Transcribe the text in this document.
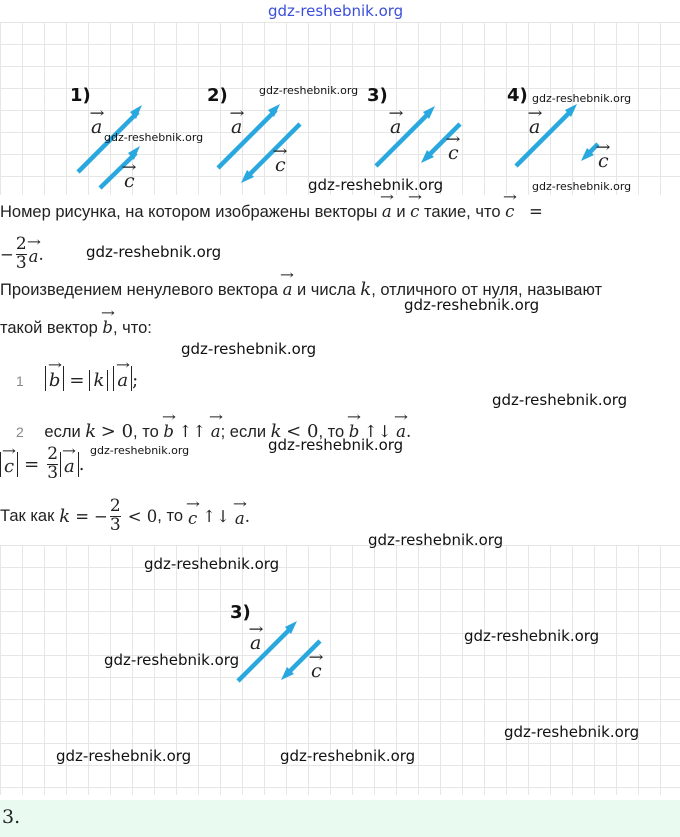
gdz-reshebnik.org
1)
→ a
→ c
gdz-reshebnik.org
2)
→ a
→ c
gdz-reshebnik.org 3)
→ a
→ c
4)
→ a
→ c
gdz-reshebnik.org
gdz-reshebnik.org
gdz-reshebnik.org
Номер рисунка, на котором изображены векторы → a и → c такие, что → c =
− $\frac{2}{3}$
→ a .	gdz-reshebnik.org
Произведением ненулевого вектора → a и числа k, отличного от нуля, называют
gdz-reshebnik.org
такой вектор → b, что:
gdz-reshebnik.org
1 → b = k → a ;
gdz-reshebnik.org
2 если k > 0, то → b ↑↑ → a; если k < 0, то → b ↑↓ → a.
gdz-reshebnik.org
gdz-reshebnik.org
→ $c = \frac{2}{3}$
→ a .
Так как k = − $\frac{2}{3} < 0$ , то
→ c ↑↓
→ a .
gdz-reshebnik.org
gdz-reshebnik.org
3)
→ a
→ c
gdz-reshebnik.org
gdz-reshebnik.org
gdz-reshebnik.org
gdz-reshebnik.org	gdz-reshebnik.org
3.
